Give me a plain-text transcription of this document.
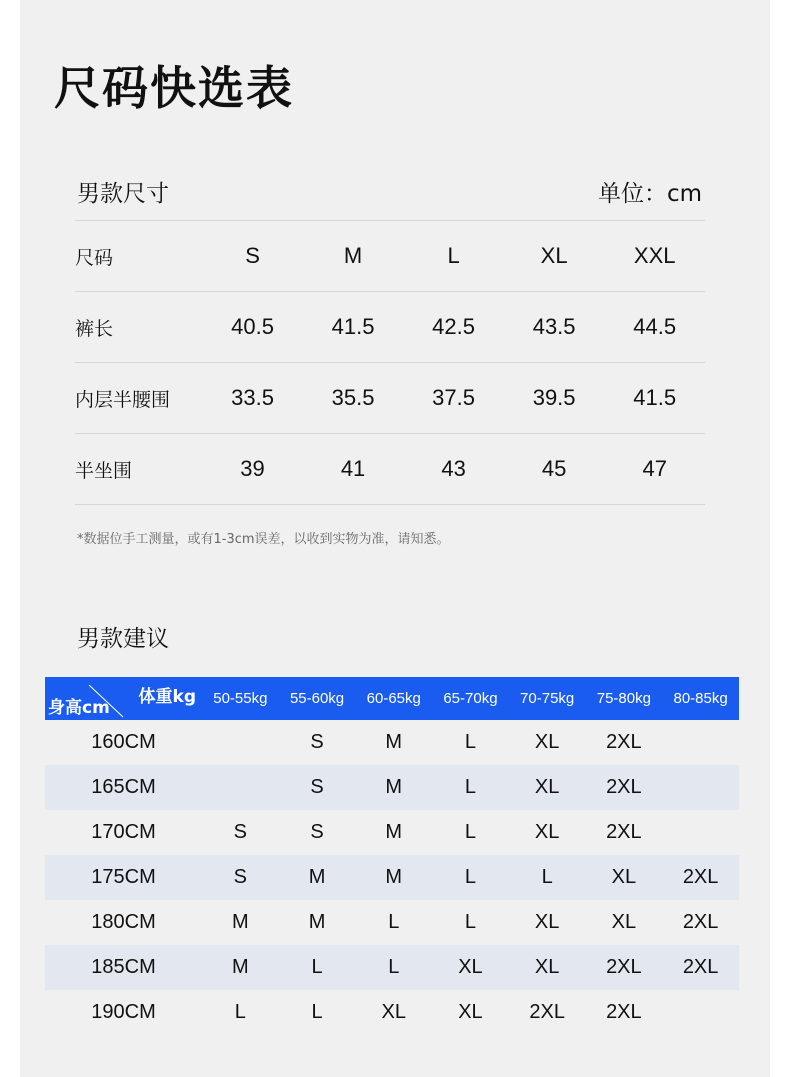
尺码快选表
男款尺寸	单位：cm
尺码	S	M	L	XL	XXL
裤长	40.5	41.5	42.5	43.5	44.5
内层半腰围	33.5	35.5	37.5	39.5	41.5
半坐围	39	41	43	45	47
*数据位手工测量，或有1-3cm误差，以收到实物为准，请知悉。
男款建议
体重kg
身高cm	50-55kg	55-60kg	60-65kg	65-70kg	70-75kg	75-80kg	80-85kg
160CM		S	M	L	XL	2XL	
165CM		S	M	L	XL	2XL	
170CM	S	S	M	L	XL	2XL	
175CM	S	M	M	L	L	XL	2XL
180CM	M	M	L	L	XL	XL	2XL
185CM	M	L	L	XL	XL	2XL	2XL
190CM	L	L	XL	XL	2XL	2XL	
